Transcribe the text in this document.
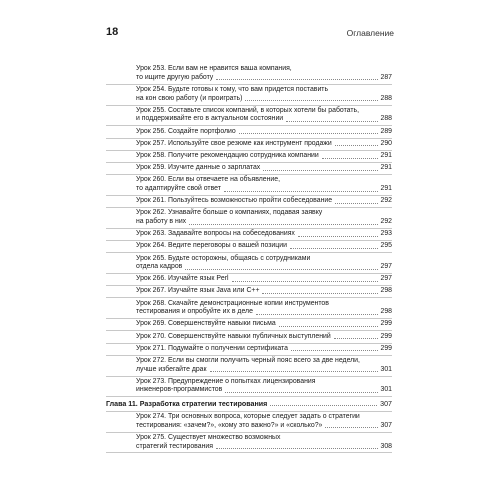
18	Оглавление
Урок 253. Если вам не нравится ваша компания,
то ищите другую работу	287
Урок 254. Будьте готовы к тому, что вам придется поставить
на кон свою работу (и проиграть)	288
Урок 255. Составьте список компаний, в которых хотели бы работать,
и поддерживайте его в актуальном состоянии	288
Урок 256. Создайте портфолио	289
Урок 257. Используйте свое резюме как инструмент продажи	290
Урок 258. Получите рекомендацию сотрудника компании	291
Урок 259. Изучите данные о зарплатах	291
Урок 260. Если вы отвечаете на объявление,
то адаптируйте свой ответ	291
Урок 261. Пользуйтесь возможностью пройти собеседование	292
Урок 262. Узнавайте больше о компаниях, подавая заявку
на работу в них	292
Урок 263. Задавайте вопросы на собеседованиях	293
Урок 264. Ведите переговоры о вашей позиции	295
Урок 265. Будьте осторожны, общаясь с сотрудниками
отдела кадров	297
Урок 266. Изучайте язык Perl	297
Урок 267. Изучайте язык Java или C++	298
Урок 268. Скачайте демонстрационные копии инструментов
тестирования и опробуйте их в деле	298
Урок 269. Совершенствуйте навыки письма	299
Урок 270. Совершенствуйте навыки публичных выступлений	299
Урок 271. Подумайте о получении сертификата	299
Урок 272. Если вы смогли получить черный пояс всего за две недели,
лучше избегайте драк	301
Урок 273. Предупреждение о попытках лицензирования
инженеров-программистов	301
Глава 11. Разработка стратегии тестирования	307
Урок 274. Три основных вопроса, которые следует задать о стратегии
тестирования: «зачем?», «кому это важно?» и «сколько?»	307
Урок 275. Существует множество возможных
стратегий тестирования	308
